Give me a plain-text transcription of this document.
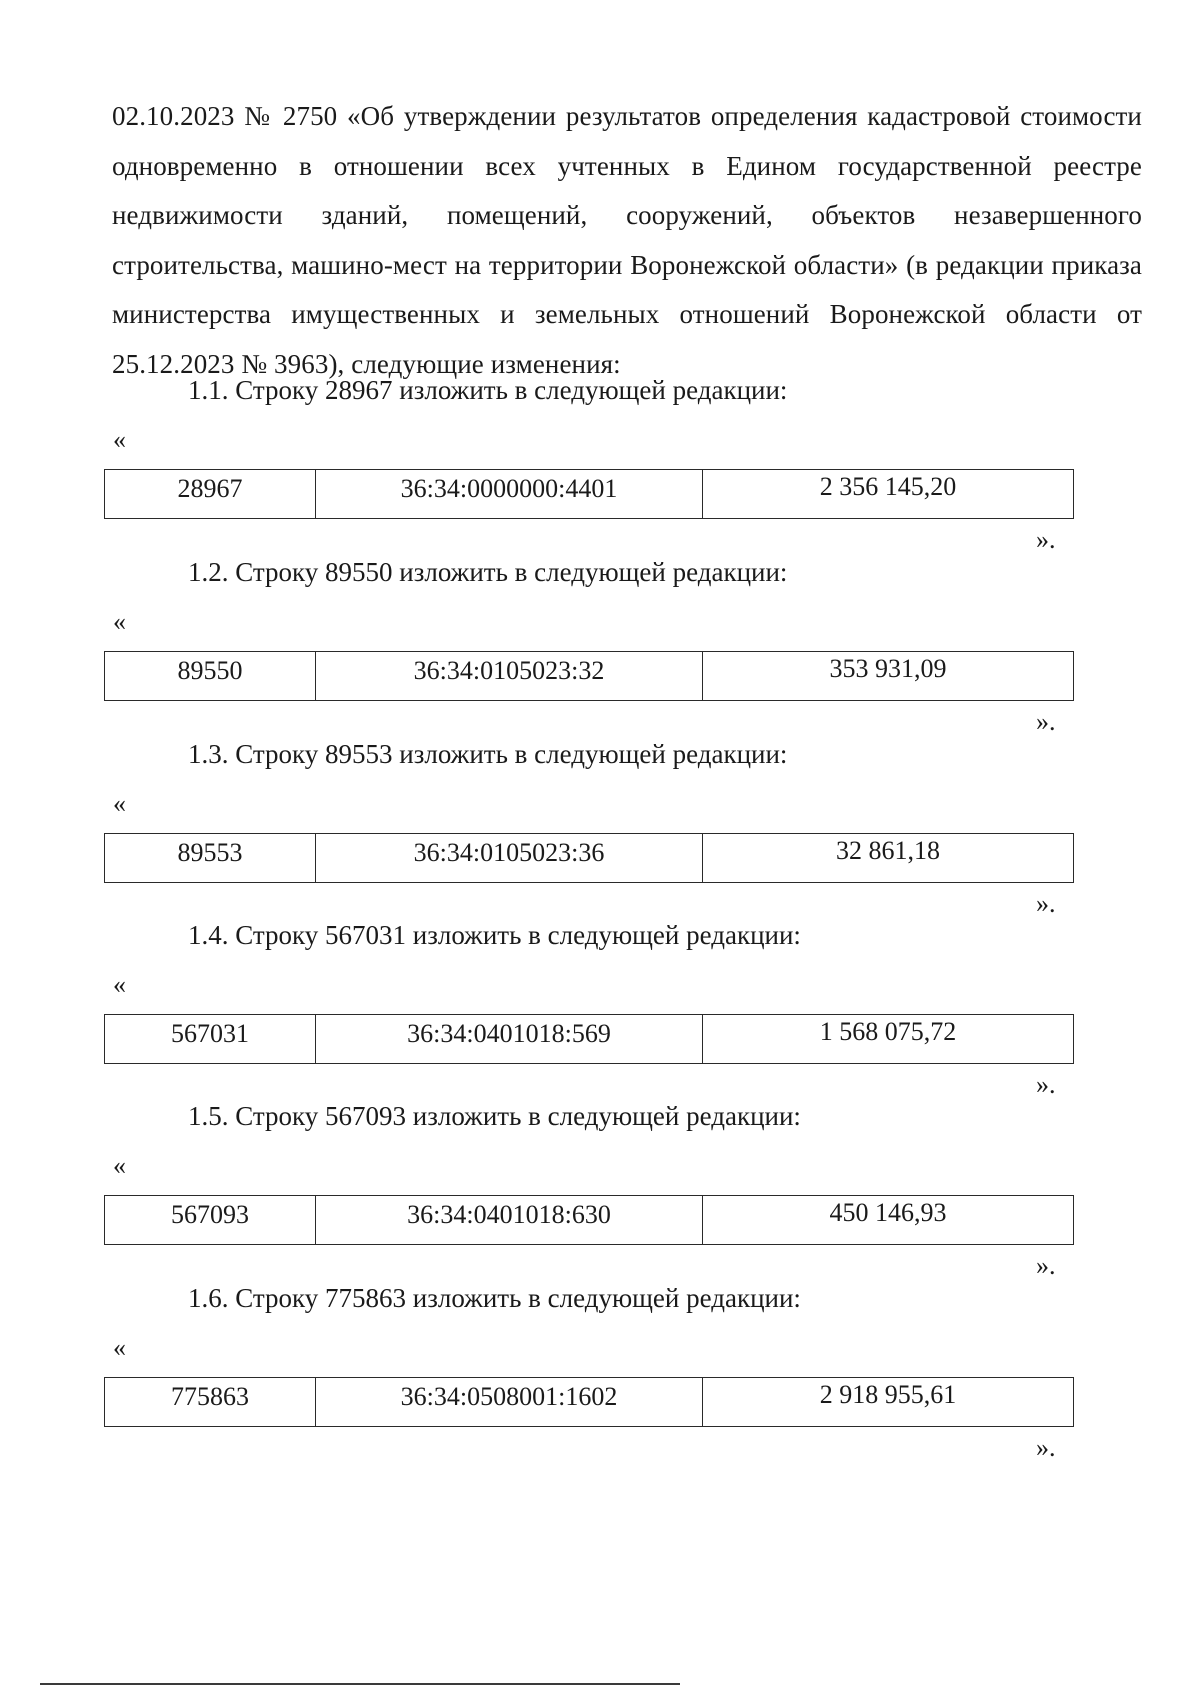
02.10.2023 № 2750 «Об утверждении результатов определения кадастровой стоимости одновременно в отношении всех учтенных в Едином государственной реестре недвижимости зданий, помещений, сооружений, объектов незавершенного строительства, машино-мест на территории Воронежской области» (в редакции приказа министерства имущественных и земельных отношений Воронежской области от 25.12.2023 № 3963), следующие изменения:

1.1. Строку 28967 изложить в следующей редакции:
«
28967	36:34:0000000:4401	2 356 145,20
».
1.2. Строку 89550 изложить в следующей редакции:
«
89550	36:34:0105023:32	353 931,09
».
1.3. Строку 89553 изложить в следующей редакции:
«
89553	36:34:0105023:36	32 861,18
».
1.4. Строку 567031 изложить в следующей редакции:
«
567031	36:34:0401018:569	1 568 075,72
».
1.5. Строку 567093 изложить в следующей редакции:
«
567093	36:34:0401018:630	450 146,93
».
1.6. Строку 775863 изложить в следующей редакции:
«
775863	36:34:0508001:1602	2 918 955,61
».
